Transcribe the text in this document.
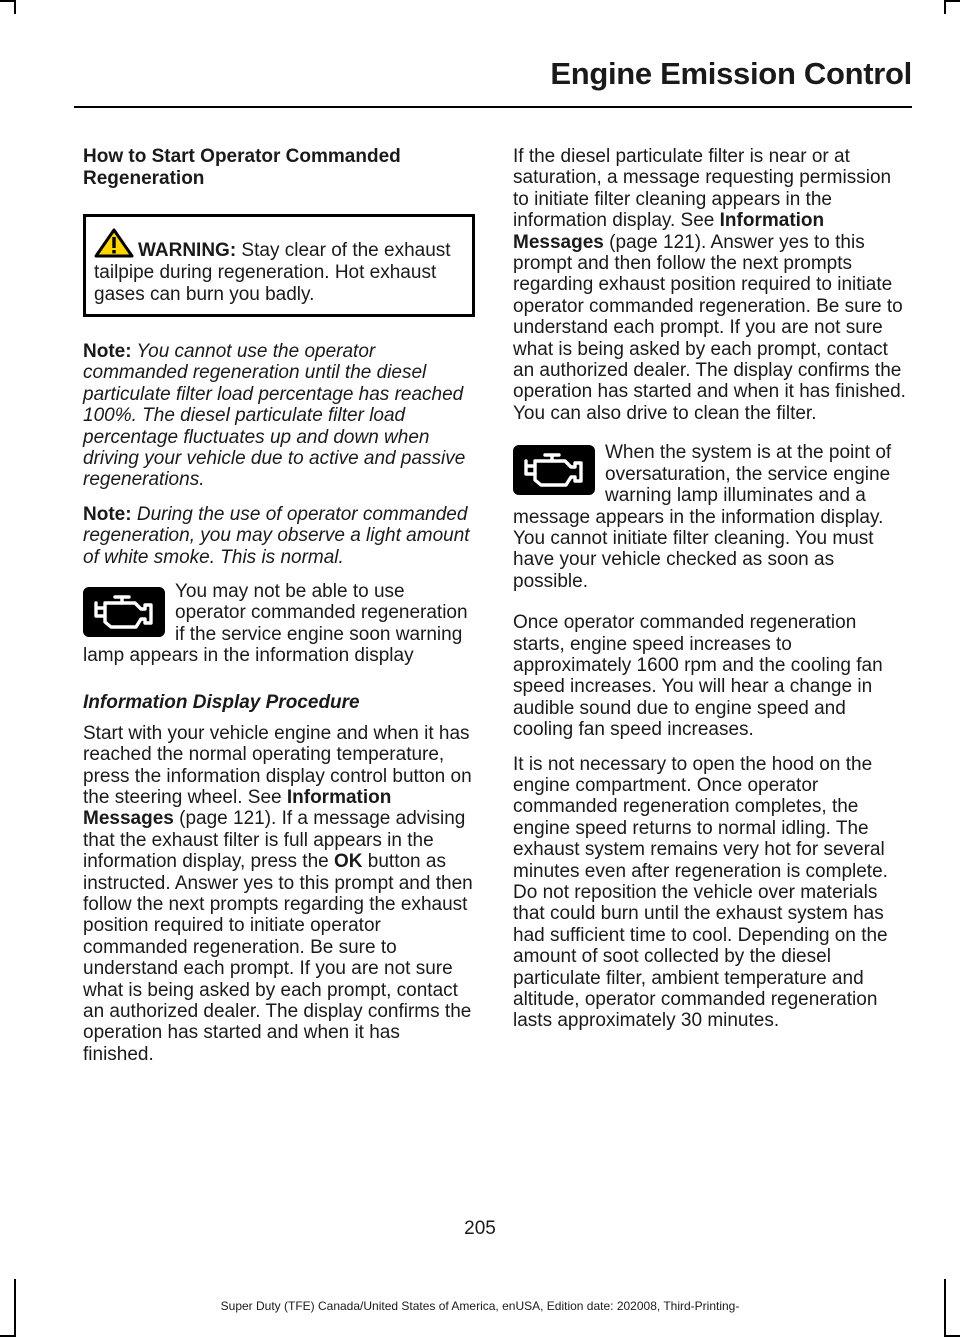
Engine Emission Control
How to Start Operator Commanded Regeneration
WARNING: Stay clear of the exhaust tailpipe during regeneration. Hot exhaust gases can burn you badly.

Note: You cannot use the operator commanded regeneration until the diesel particulate filter load percentage has reached 100%. The diesel particulate filter load percentage fluctuates up and down when driving your vehicle due to active and passive regenerations.

Note: During the use of operator commanded regeneration, you may observe a light amount of white smoke. This is normal.

You may not be able to use operator commanded regeneration if the service engine soon warning lamp appears in the information display

Information Display Procedure

Start with your vehicle engine and when it has reached the normal operating temperature, press the information display control button on the steering wheel. See Information Messages (page 121). If a message advising that the exhaust filter is full appears in the information display, press the OK button as instructed. Answer yes to this prompt and then follow the next prompts regarding the exhaust position required to initiate operator commanded regeneration. Be sure to understand each prompt. If you are not sure what is being asked by each prompt, contact an authorized dealer. The display confirms the operation has started and when it has finished.

If the diesel particulate filter is near or at saturation, a message requesting permission to initiate filter cleaning appears in the information display. See Information Messages (page 121). Answer yes to this prompt and then follow the next prompts regarding exhaust position required to initiate operator commanded regeneration. Be sure to understand each prompt. If you are not sure what is being asked by each prompt, contact an authorized dealer. The display confirms the operation has started and when it has finished. You can also drive to clean the filter.

When the system is at the point of oversaturation, the service engine warning lamp illuminates and a message appears in the information display. You cannot initiate filter cleaning. You must have your vehicle checked as soon as possible.

Once operator commanded regeneration starts, engine speed increases to approximately 1600 rpm and the cooling fan speed increases. You will hear a change in audible sound due to engine speed and cooling fan speed increases.

It is not necessary to open the hood on the engine compartment. Once operator commanded regeneration completes, the engine speed returns to normal idling. The exhaust system remains very hot for several minutes even after regeneration is complete. Do not reposition the vehicle over materials that could burn until the exhaust system has had sufficient time to cool. Depending on the amount of soot collected by the diesel particulate filter, ambient temperature and altitude, operator commanded regeneration lasts approximately 30 minutes.

205
Super Duty (TFE) Canada/United States of America, enUSA, Edition date: 202008, Third-Printing-
